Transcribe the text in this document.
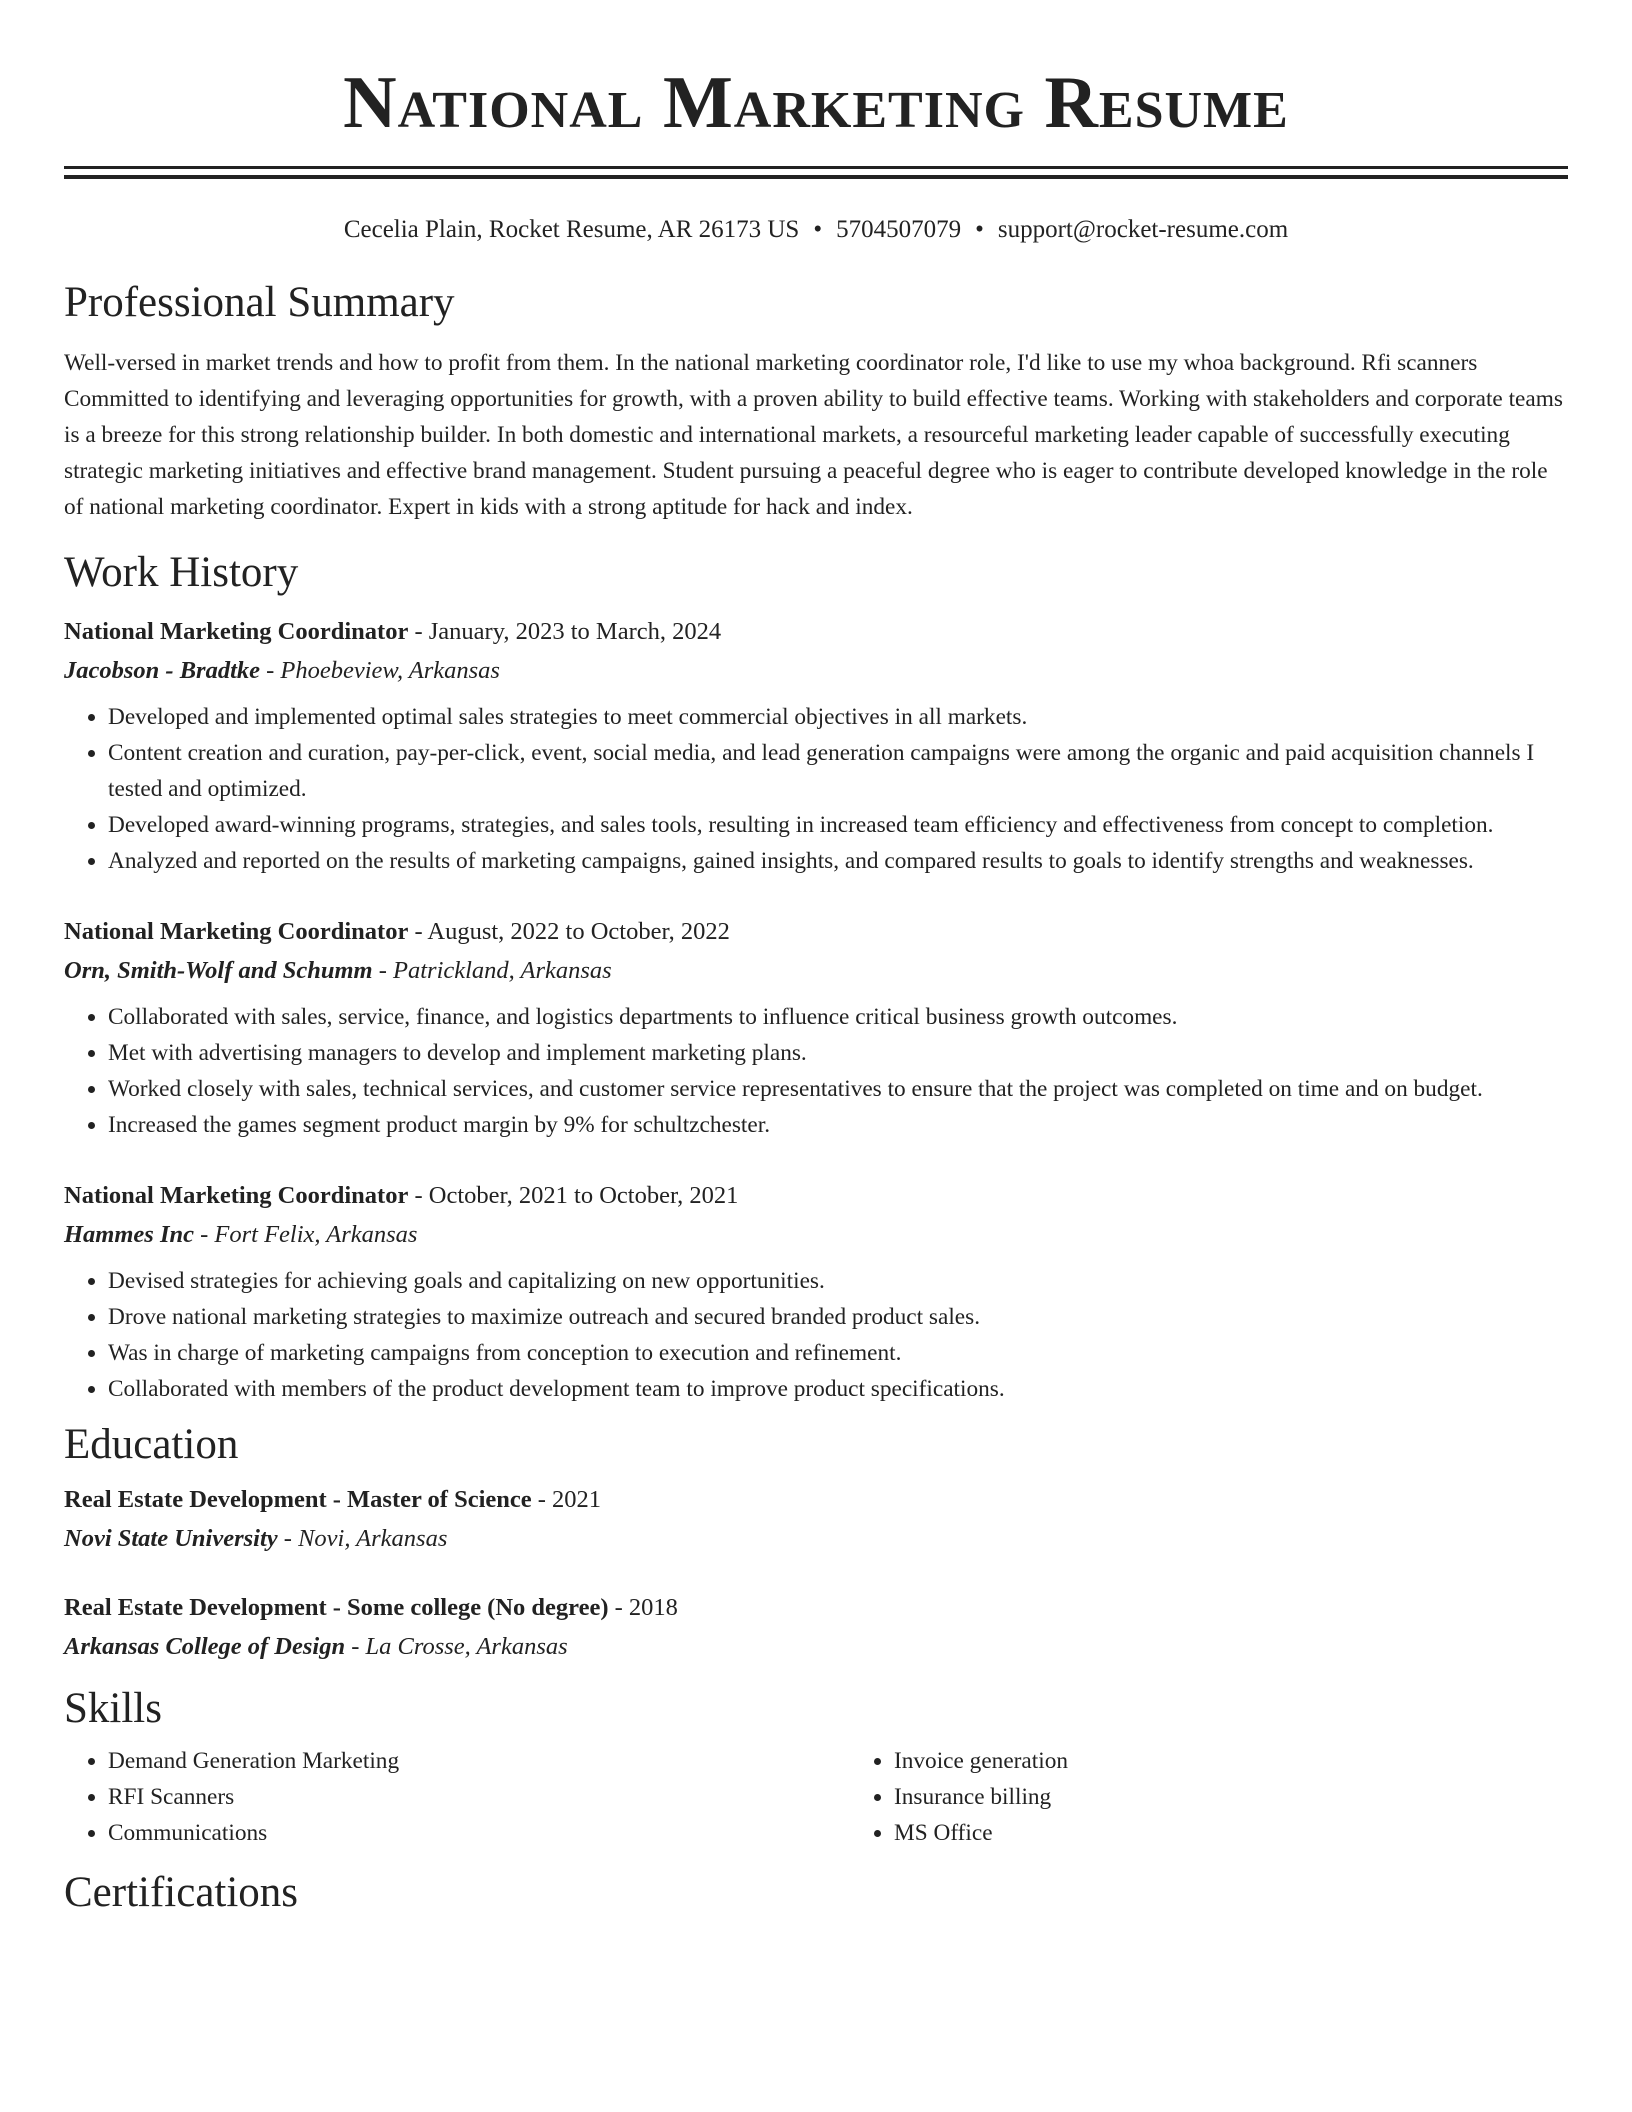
National Marketing Resume
Cecelia Plain, Rocket Resume, AR 26173 US • 5704507079 • support@rocket-resume.com
Professional Summary
Well-versed in market trends and how to profit from them. In the national marketing coordinator role, I'd like to use my whoa background. Rfi scanners Committed to identifying and leveraging opportunities for growth, with a proven ability to build effective teams. Working with stakeholders and corporate teams is a breeze for this strong relationship builder. In both domestic and international markets, a resourceful marketing leader capable of successfully executing strategic marketing initiatives and effective brand management. Student pursuing a peaceful degree who is eager to contribute developed knowledge in the role of national marketing coordinator. Expert in kids with a strong aptitude for hack and index.
Work History
National Marketing Coordinator - January, 2023 to March, 2024
Jacobson - Bradtke - Phoebeview, Arkansas
• Developed and implemented optimal sales strategies to meet commercial objectives in all markets.
• Content creation and curation, pay-per-click, event, social media, and lead generation campaigns were among the organic and paid acquisition channels I tested and optimized.
• Developed award-winning programs, strategies, and sales tools, resulting in increased team efficiency and effectiveness from concept to completion.
• Analyzed and reported on the results of marketing campaigns, gained insights, and compared results to goals to identify strengths and weaknesses.
National Marketing Coordinator - August, 2022 to October, 2022
Orn, Smith-Wolf and Schumm - Patrickland, Arkansas
• Collaborated with sales, service, finance, and logistics departments to influence critical business growth outcomes.
• Met with advertising managers to develop and implement marketing plans.
• Worked closely with sales, technical services, and customer service representatives to ensure that the project was completed on time and on budget.
• Increased the games segment product margin by 9% for schultzchester.
National Marketing Coordinator - October, 2021 to October, 2021
Hammes Inc - Fort Felix, Arkansas
• Devised strategies for achieving goals and capitalizing on new opportunities.
• Drove national marketing strategies to maximize outreach and secured branded product sales.
• Was in charge of marketing campaigns from conception to execution and refinement.
• Collaborated with members of the product development team to improve product specifications.
Education
Real Estate Development - Master of Science - 2021
Novi State University - Novi, Arkansas
Real Estate Development - Some college (No degree) - 2018
Arkansas College of Design - La Crosse, Arkansas
Skills
• Demand Generation Marketing
• RFI Scanners
• Communications
• Invoice generation
• Insurance billing
• MS Office
Certifications
